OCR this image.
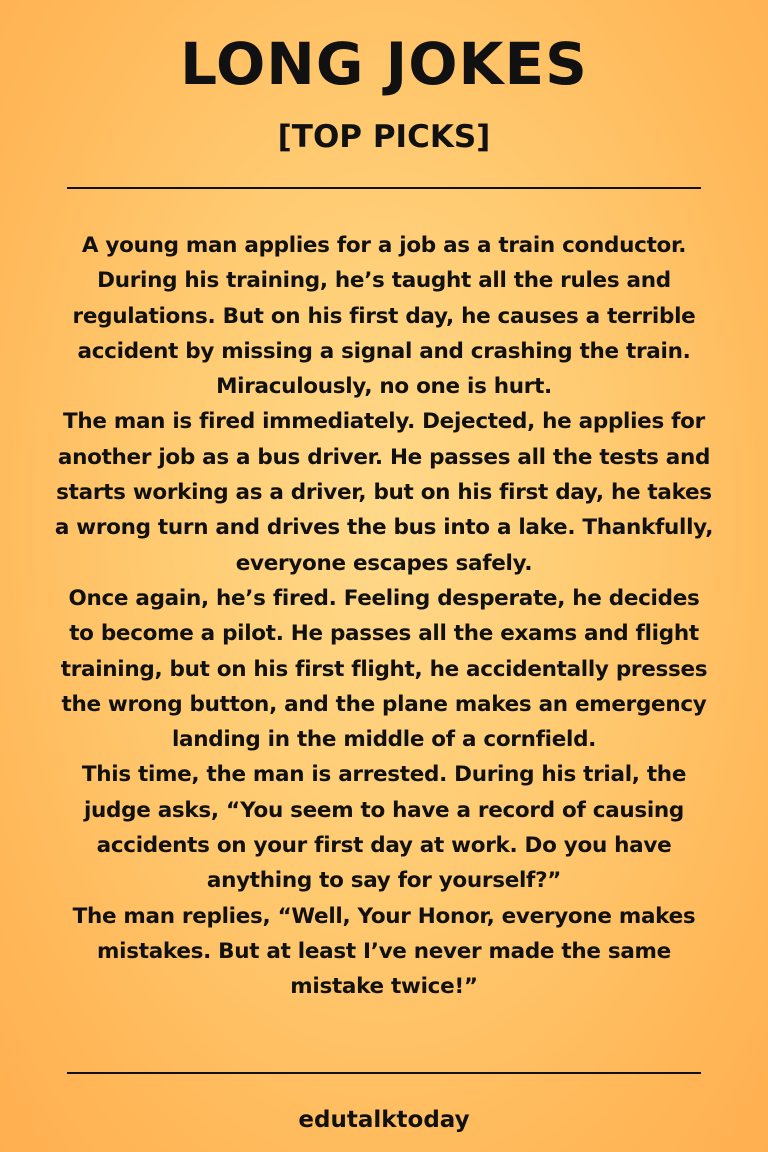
LONG JOKES
[TOP PICKS]

A young man applies for a job as a train conductor. During his training, he’s taught all the rules and regulations. But on his first day, he causes a terrible accident by missing a signal and crashing the train. Miraculously, no one is hurt.

The man is fired immediately. Dejected, he applies for another job as a bus driver. He passes all the tests and starts working as a driver, but on his first day, he takes a wrong turn and drives the bus into a lake. Thankfully, everyone escapes safely.

Once again, he’s fired. Feeling desperate, he decides to become a pilot. He passes all the exams and flight training, but on his first flight, he accidentally presses the wrong button, and the plane makes an emergency landing in the middle of a cornfield.

This time, the man is arrested. During his trial, the judge asks, “You seem to have a record of causing accidents on your first day at work. Do you have anything to say for yourself?”

The man replies, “Well, Your Honor, everyone makes mistakes. But at least I’ve never made the same mistake twice!”

edutalktoday
